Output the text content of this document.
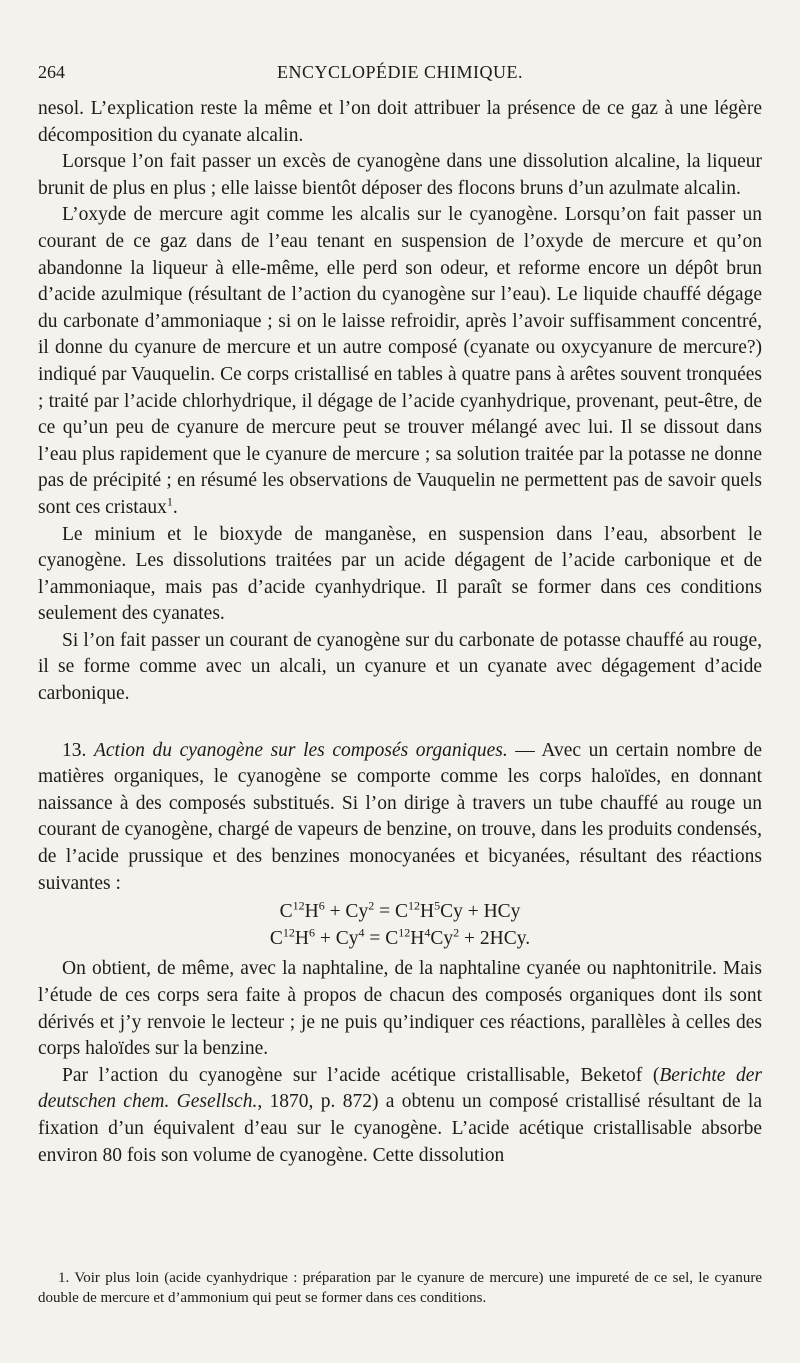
264	ENCYCLOPÉDIE CHIMIQUE.

nesol. L’explication reste la même et l’on doit attribuer la présence de ce gaz à une légère décomposition du cyanate alcalin.

Lorsque l’on fait passer un excès de cyanogène dans une dissolution alcaline, la liqueur brunit de plus en plus ; elle laisse bientôt déposer des flocons bruns d’un azulmate alcalin.

L’oxyde de mercure agit comme les alcalis sur le cyanogène. Lorsqu’on fait passer un courant de ce gaz dans de l’eau tenant en suspension de l’oxyde de mercure et qu’on abandonne la liqueur à elle-même, elle perd son odeur, et reforme encore un dépôt brun d’acide azulmique (résultant de l’action du cyanogène sur l’eau). Le liquide chauffé dégage du carbonate d’ammoniaque ; si on le laisse refroidir, après l’avoir suffisamment concentré, il donne du cyanure de mercure et un autre composé (cyanate ou oxycyanure de mercure?) indiqué par Vauquelin. Ce corps cristallisé en tables à quatre pans à arêtes souvent tronquées ; traité par l’acide chlorhydrique, il dégage de l’acide cyanhydrique, provenant, peut-être, de ce qu’un peu de cyanure de mercure peut se trouver mélangé avec lui. Il se dissout dans l’eau plus rapidement que le cyanure de mercure ; sa solution traitée par la potasse ne donne pas de précipité ; en résumé les observations de Vauquelin ne permettent pas de savoir quels sont ces cristaux$^1$.

Le minium et le bioxyde de manganèse, en suspension dans l’eau, absorbent le cyanogène. Les dissolutions traitées par un acide dégagent de l’acide carbonique et de l’ammoniaque, mais pas d’acide cyanhydrique. Il paraît se former dans ces conditions seulement des cyanates.

Si l’on fait passer un courant de cyanogène sur du carbonate de potasse chauffé au rouge, il se forme comme avec un alcali, un cyanure et un cyanate avec dégagement d’acide carbonique.

13. Action du cyanogène sur les composés organiques. — Avec un certain nombre de matières organiques, le cyanogène se comporte comme les corps haloïdes, en donnant naissance à des composés substitués. Si l’on dirige à travers un tube chauffé au rouge un courant de cyanogène, chargé de vapeurs de benzine, on trouve, dans les produits condensés, de l’acide prussique et des benzines monocyanées et bicyanées, résultant des réactions suivantes :

$C^{12}H^6 + Cy^2 = C^{12}H^5Cy$ + HCy
$C^{12}H^6 + Cy^4 = C^{12}H^4Cy^2 + 2HCy$.

On obtient, de même, avec la naphtaline, de la naphtaline cyanée ou naphtonitrile. Mais l’étude de ces corps sera faite à propos de chacun des composés organiques dont ils sont dérivés et j’y renvoie le lecteur ; je ne puis qu’indiquer ces réactions, parallèles à celles des corps haloïdes sur la benzine.

Par l’action du cyanogène sur l’acide acétique cristallisable, Beketof (Berichte der deutschen chem. Gesellsch., 1870, p. 872) a obtenu un composé cristallisé résultant de la fixation d’un équivalent d’eau sur le cyanogène. L’acide acétique cristallisable absorbe environ 80 fois son volume de cyanogène. Cette dissolution

1. Voir plus loin (acide cyanhydrique : préparation par le cyanure de mercure) une impureté de ce sel, le cyanure double de mercure et d’ammonium qui peut se former dans ces conditions.
